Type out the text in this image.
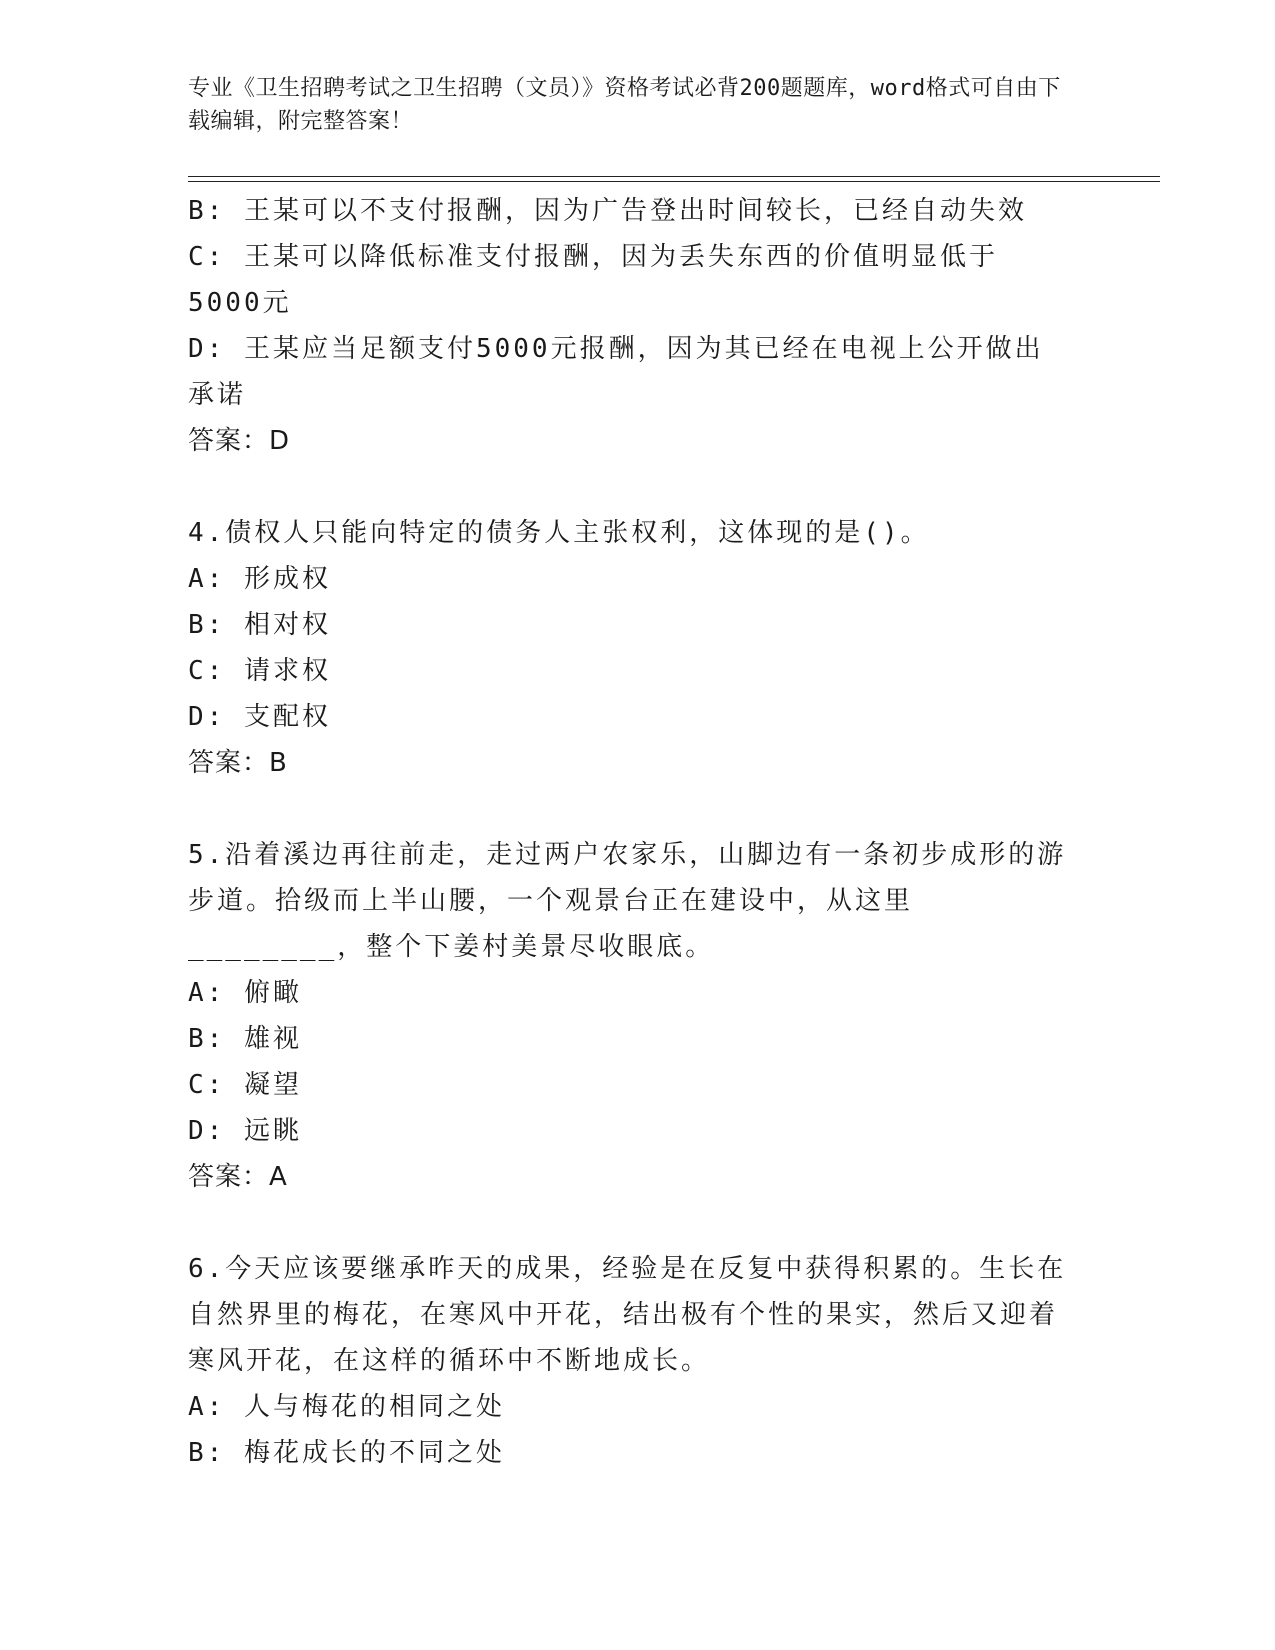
专业《卫生招聘考试之卫生招聘（文员）》资格考试必背200题题库，word格式可自由下载编辑，附完整答案！

B: 王某可以不支付报酬，因为广告登出时间较长，已经自动失效

C: 王某可以降低标准支付报酬，因为丢失东西的价值明显低于5000元

D: 王某应当足额支付5000元报酬，因为其已经在电视上公开做出承诺

答案：D

4.债权人只能向特定的债务人主张权利，这体现的是()。

A: 形成权

B: 相对权

C: 请求权

D: 支配权

答案：B

5.沿着溪边再往前走，走过两户农家乐，山脚边有一条初步成形的游步道。拾级而上半山腰，一个观景台正在建设中，从这里________，整个下姜村美景尽收眼底。

A: 俯瞰

B: 雄视

C: 凝望

D: 远眺

答案：A

6.今天应该要继承昨天的成果，经验是在反复中获得积累的。生长在自然界里的梅花，在寒风中开花，结出极有个性的果实，然后又迎着寒风开花，在这样的循环中不断地成长。

A: 人与梅花的相同之处

B: 梅花成长的不同之处
